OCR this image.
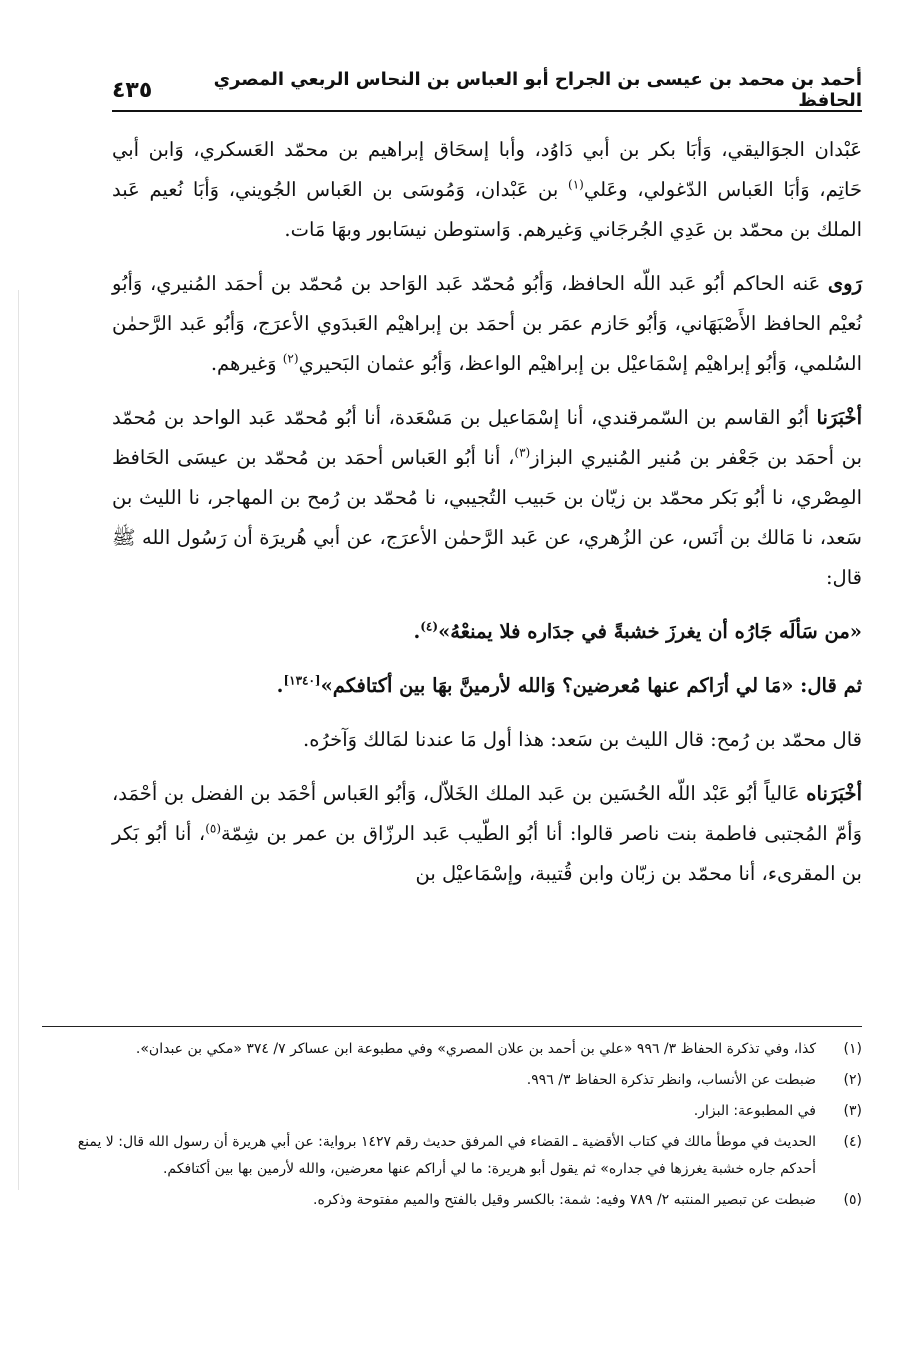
أحمد بن محمد بن عيسى بن الجراح أبو العباس بن النحاس الربعي المصري الحافظ
٤٣٥

عَبْدان الجوَاليقي، وَأبَا بكر بن أبي دَاوُد، وأبا إسحَاق إبراهيم بن محمّد العَسكري، وَابن أبي حَاتِم، وَأبَا العَباس الدّغولي، وعَلي$^{(١)}$ بن عَبْدان، وَمُوسَى بن العَباس الجُويني، وَأبَا نُعيم عَبد الملك بن محمّد بن عَدِي الجُرجَاني وَغيرهم. وَاستوطن نيسَابور وبهَا مَات.

رَوى عَنه الحاكم أبُو عَبد اللّه الحافظ، وَأبُو مُحمّد عَبد الوَاحد بن مُحمّد بن أحمَد المُنيري، وَأبُو نُعيْم الحافظ الأَصْبَهَاني، وَأبُو حَازم عمَر بن أحمَد بن إبراهيْم العَبدَوي الأعرَج، وَأبُو عَبد الرَّحمٰن السُلمي، وَأبُو إبراهيْم إسْمَاعيْل بن إبراهيْم الواعظ، وَأبُو عثمان البَحيري$^{(٢)}$ وَغيرهم.

أخْبَرَنا أبُو القاسم بن السّمرقندي، أنا إسْمَاعيل بن مَسْعَدة، أنا أبُو مُحمّد عَبد الواحد بن مُحمّد بن أحمَد بن جَعْفر بن مُنير المُنيري البزاز$^{(٣)}$، أنا أبُو العَباس أحمَد بن مُحمّد بن عيسَى الحَافظ المِصْري، نا أبُو بَكر محمّد بن زيّان بن حَبيب التُجيبي، نا مُحمّد بن رُمح بن المهاجر، نا الليث بن سَعد، نا مَالك بن أنَس، عن الزُهري، عن عَبد الرَّحمٰن الأعرَج، عن أبي هُريرَة أن رَسُول الله ﷺ قال:

«من سَألَه جَارُه أن يغرزَ خشبةً في جدَاره فلا يمنعْهُ»$^{(٤)}$.

ثم قال: «مَا لي أرَاكم عنها مُعرضين؟ وَالله لأرمينَّ بهَا بين أكتافكم»[١٣٤٠].

قال محمّد بن رُمح: قال الليث بن سَعد: هذا أول مَا عندنا لمَالك وَآخرُه.

أخْبَرَناه عَالياً أبُو عَبْد اللّه الحُسَين بن عَبد الملك الخَلاّل، وَأبُو العَباس أحْمَد بن الفضل بن أحْمَد، وَأمّ المُجتبى فاطمة بنت ناصر قالوا: أنا أبُو الطّيب عَبد الرزّاق بن عمر بن شِمّة$^{(٥)}$، أنا أبُو بَكر بن المقرىء، أنا محمّد بن زبّان وابن قُتيبة، وإسْمَاعيْل بن

(١)
كذا، وفي تذكرة الحفاظ ٣/ ٩٩٦ «علي بن أحمد بن علان المصري» وفي مطبوعة ابن عساكر ٧/ ٣٧٤ «مكي بن عبدان».
(٢)
ضبطت عن الأنساب، وانظر تذكرة الحفاظ ٣/ ٩٩٦.
(٣)
في المطبوعة: البزار.
(٤)
الحديث في موطأ مالك في كتاب الأقضية ـ القضاء في المرفق حديث رقم ١٤٢٧ برواية: عن أبي هريرة أن رسول الله قال: لا يمنع أحدكم جاره خشبة يغرزها في جداره» ثم يقول أبو هريرة: ما لي أراكم عنها معرضين، والله لأرمين بها بين أكتافكم.
(٥)
ضبطت عن تبصير المنتبه ٢/ ٧٨٩ وفيه: شمة: بالكسر وقيل بالفتح والميم مفتوحة وذكره.
